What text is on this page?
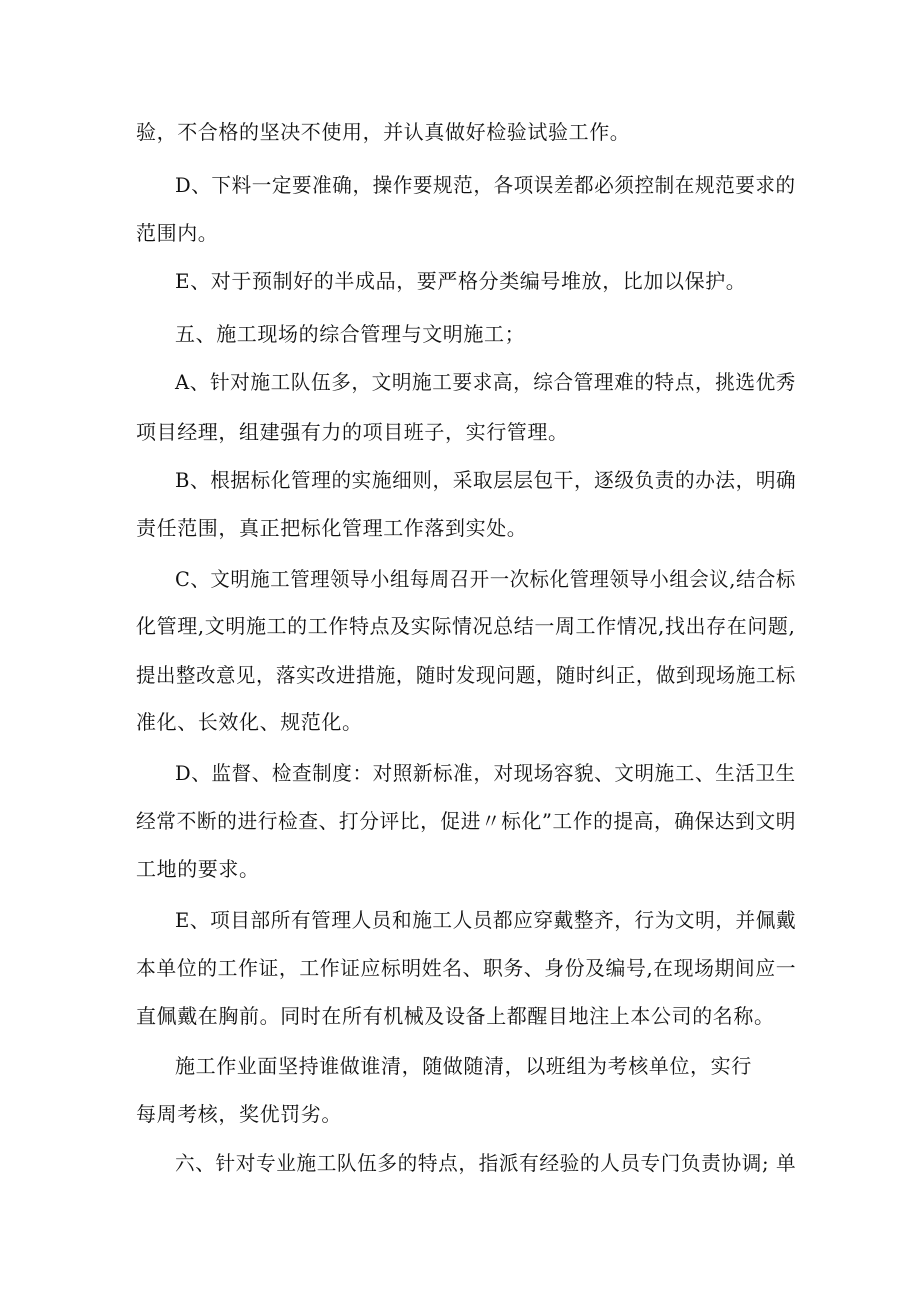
验，不合格的坚决不使用，并认真做好检验试验工作。
D、下料一定要准确，操作要规范，各项误差都必须控制在规范要求的
范围内。
E、对于预制好的半成品，要严格分类编号堆放，比加以保护。
五、施工现场的综合管理与文明施工；
A、针对施工队伍多，文明施工要求高，综合管理难的特点，挑选优秀
项目经理，组建强有力的项目班子，实行管理。
B、根据标化管理的实施细则，采取层层包干，逐级负责的办法，明确
责任范围，真正把标化管理工作落到实处。
C、文明施工管理领导小组每周召开一次标化管理领导小组会议,结合标
化管理,文明施工的工作特点及实际情况总结一周工作情况,找出存在问题,
提出整改意见，落实改进措施，随时发现问题，随时纠正，做到现场施工标
准化、长效化、规范化。
D、监督、检查制度：对照新标准，对现场容貌、文明施工、生活卫生
经常不断的进行检查、打分评比，促进〃标化”工作的提高，确保达到文明
工地的要求。
E、项目部所有管理人员和施工人员都应穿戴整齐，行为文明，并佩戴
本单位的工作证，工作证应标明姓名、职务、身份及编号,在现场期间应一
直佩戴在胸前。同时在所有机械及设备上都醒目地注上本公司的名称。
施工作业面坚持谁做谁清，随做随清，以班组为考核单位，实行
每周考核，奖优罚劣。
六、针对专业施工队伍多的特点，指派有经验的人员专门负责协调; 单
